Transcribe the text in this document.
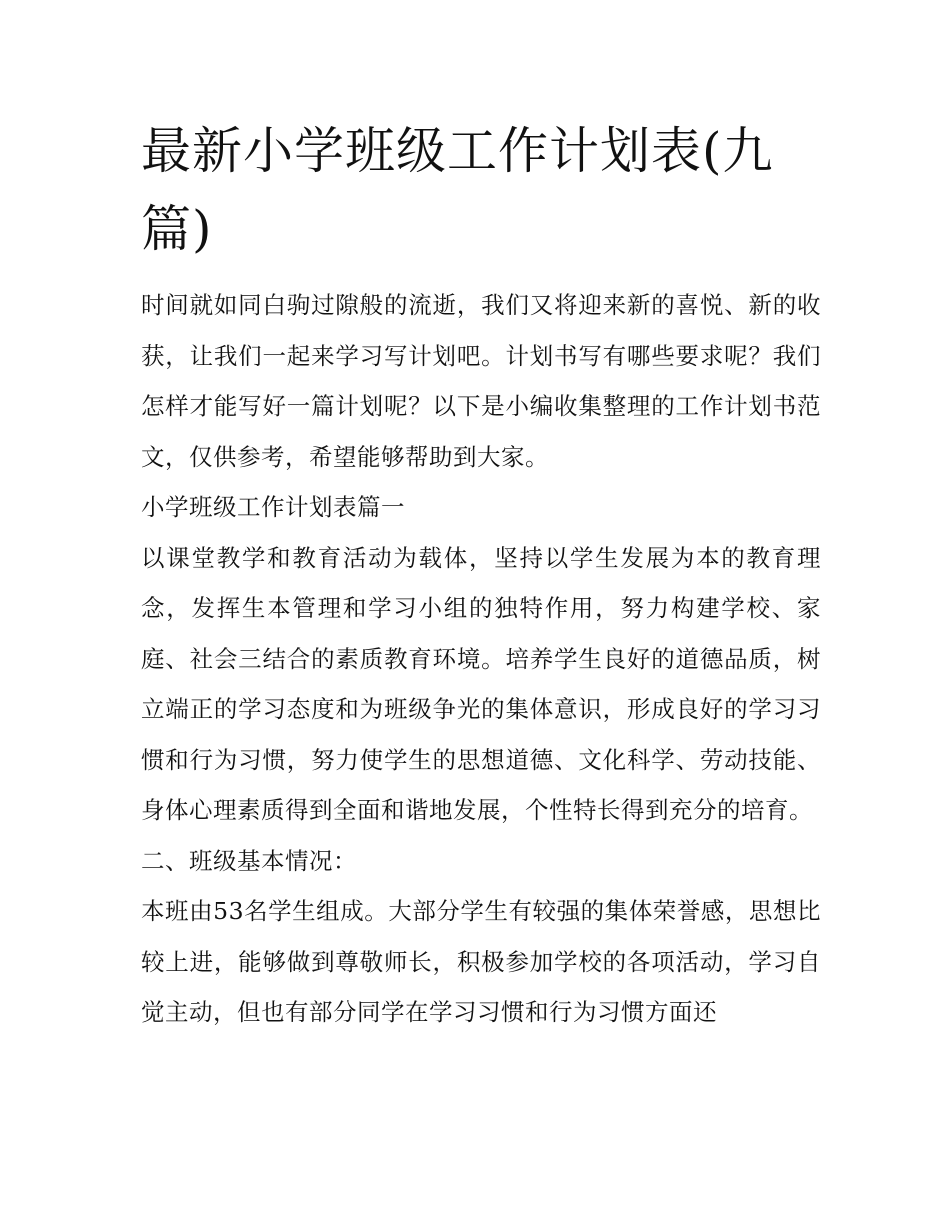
最新小学班级工作计划表(九篇)

时间就如同白驹过隙般的流逝，我们又将迎来新的喜悦、新的收获，让我们一起来学习写计划吧。计划书写有哪些要求呢？我们怎样才能写好一篇计划呢？以下是小编收集整理的工作计划书范文，仅供参考，希望能够帮助到大家。

小学班级工作计划表篇一

以课堂教学和教育活动为载体，坚持以学生发展为本的教育理念，发挥生本管理和学习小组的独特作用，努力构建学校、家庭、社会三结合的素质教育环境。培养学生良好的道德品质，树立端正的学习态度和为班级争光的集体意识，形成良好的学习习惯和行为习惯，努力使学生的思想道德、文化科学、劳动技能、身体心理素质得到全面和谐地发展，个性特长得到充分的培育。

二、班级基本情况：

本班由53名学生组成。大部分学生有较强的集体荣誉感，思想比较上进，能够做到尊敬师长，积极参加学校的各项活动，学习自觉主动，但也有部分同学在学习习惯和行为习惯方面还
